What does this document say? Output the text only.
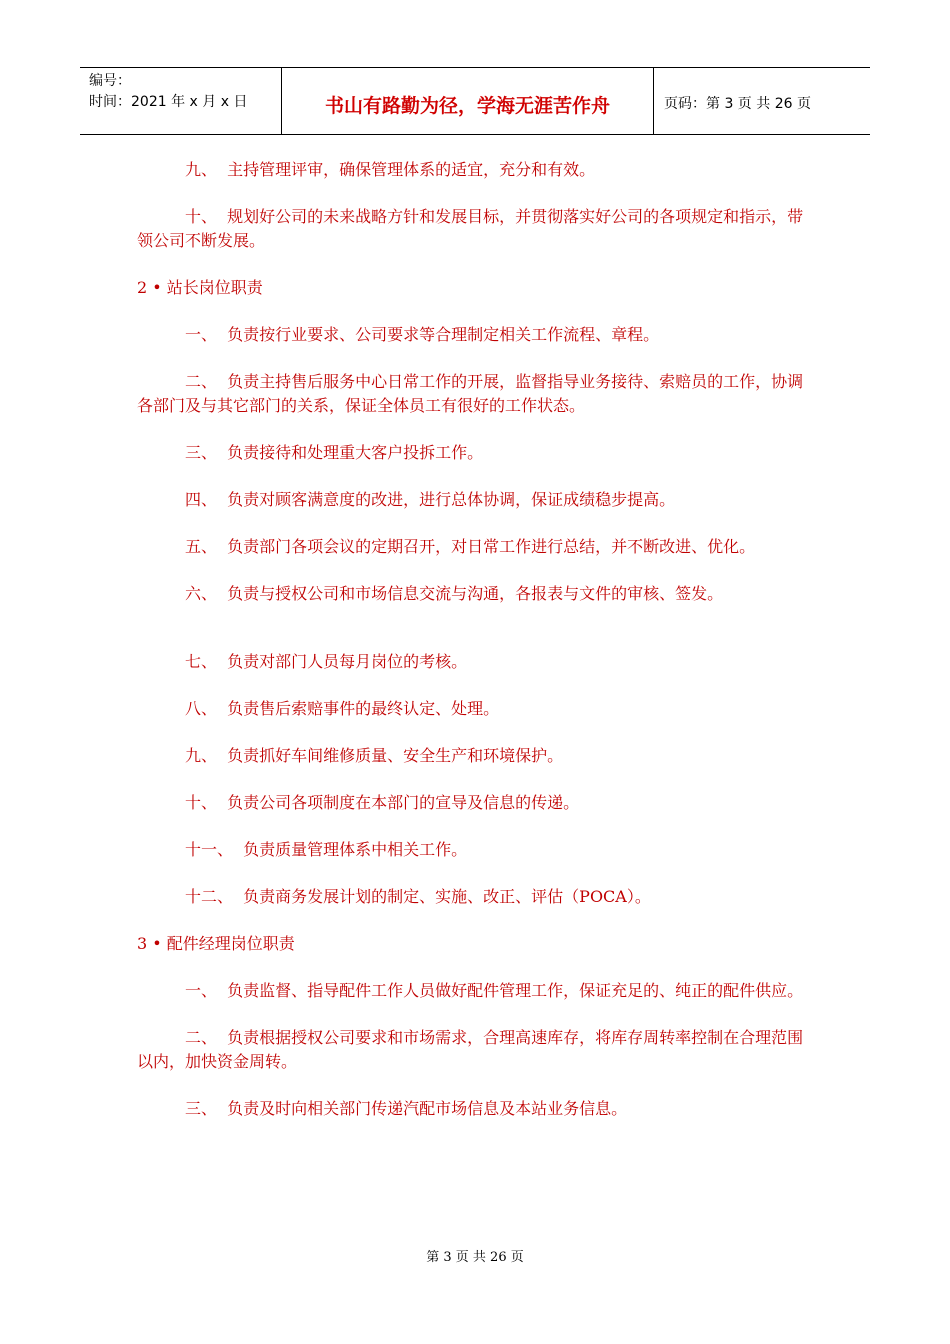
编号：
时间：2021 年 x 月 x 日	书山有路勤为径，学海无涯苦作舟	页码：第 3 页 共 26 页

九、  主持管理评审，确保管理体系的适宜，充分和有效。

十、  规划好公司的未来战略方针和发展目标，并贯彻落实好公司的各项规定和指示，带领公司不断发展。

2 • 站长岗位职责

一、  负责按行业要求、公司要求等合理制定相关工作流程、章程。

二、  负责主持售后服务中心日常工作的开展，监督指导业务接待、索赔员的工作，协调各部门及与其它部门的关系，保证全体员工有很好的工作状态。

三、  负责接待和处理重大客户投拆工作。

四、  负责对顾客满意度的改进，进行总体协调，保证成绩稳步提高。

五、  负责部门各项会议的定期召开，对日常工作进行总结，并不断改进、优化。

六、  负责与授权公司和市场信息交流与沟通，各报表与文件的审核、签发。

七、  负责对部门人员每月岗位的考核。

八、  负责售后索赔事件的最终认定、处理。

九、  负责抓好车间维修质量、安全生产和环境保护。

十、  负责公司各项制度在本部门的宣导及信息的传递。

十一、  负责质量管理体系中相关工作。

十二、  负责商务发展计划的制定、实施、改正、评估（POCA）。

3 • 配件经理岗位职责

一、  负责监督、指导配件工作人员做好配件管理工作，保证充足的、纯正的配件供应。

二、  负责根据授权公司要求和市场需求，合理高速库存，将库存周转率控制在合理范围以内，加快资金周转。

三、  负责及时向相关部门传递汽配市场信息及本站业务信息。

第 3 页 共 26 页
